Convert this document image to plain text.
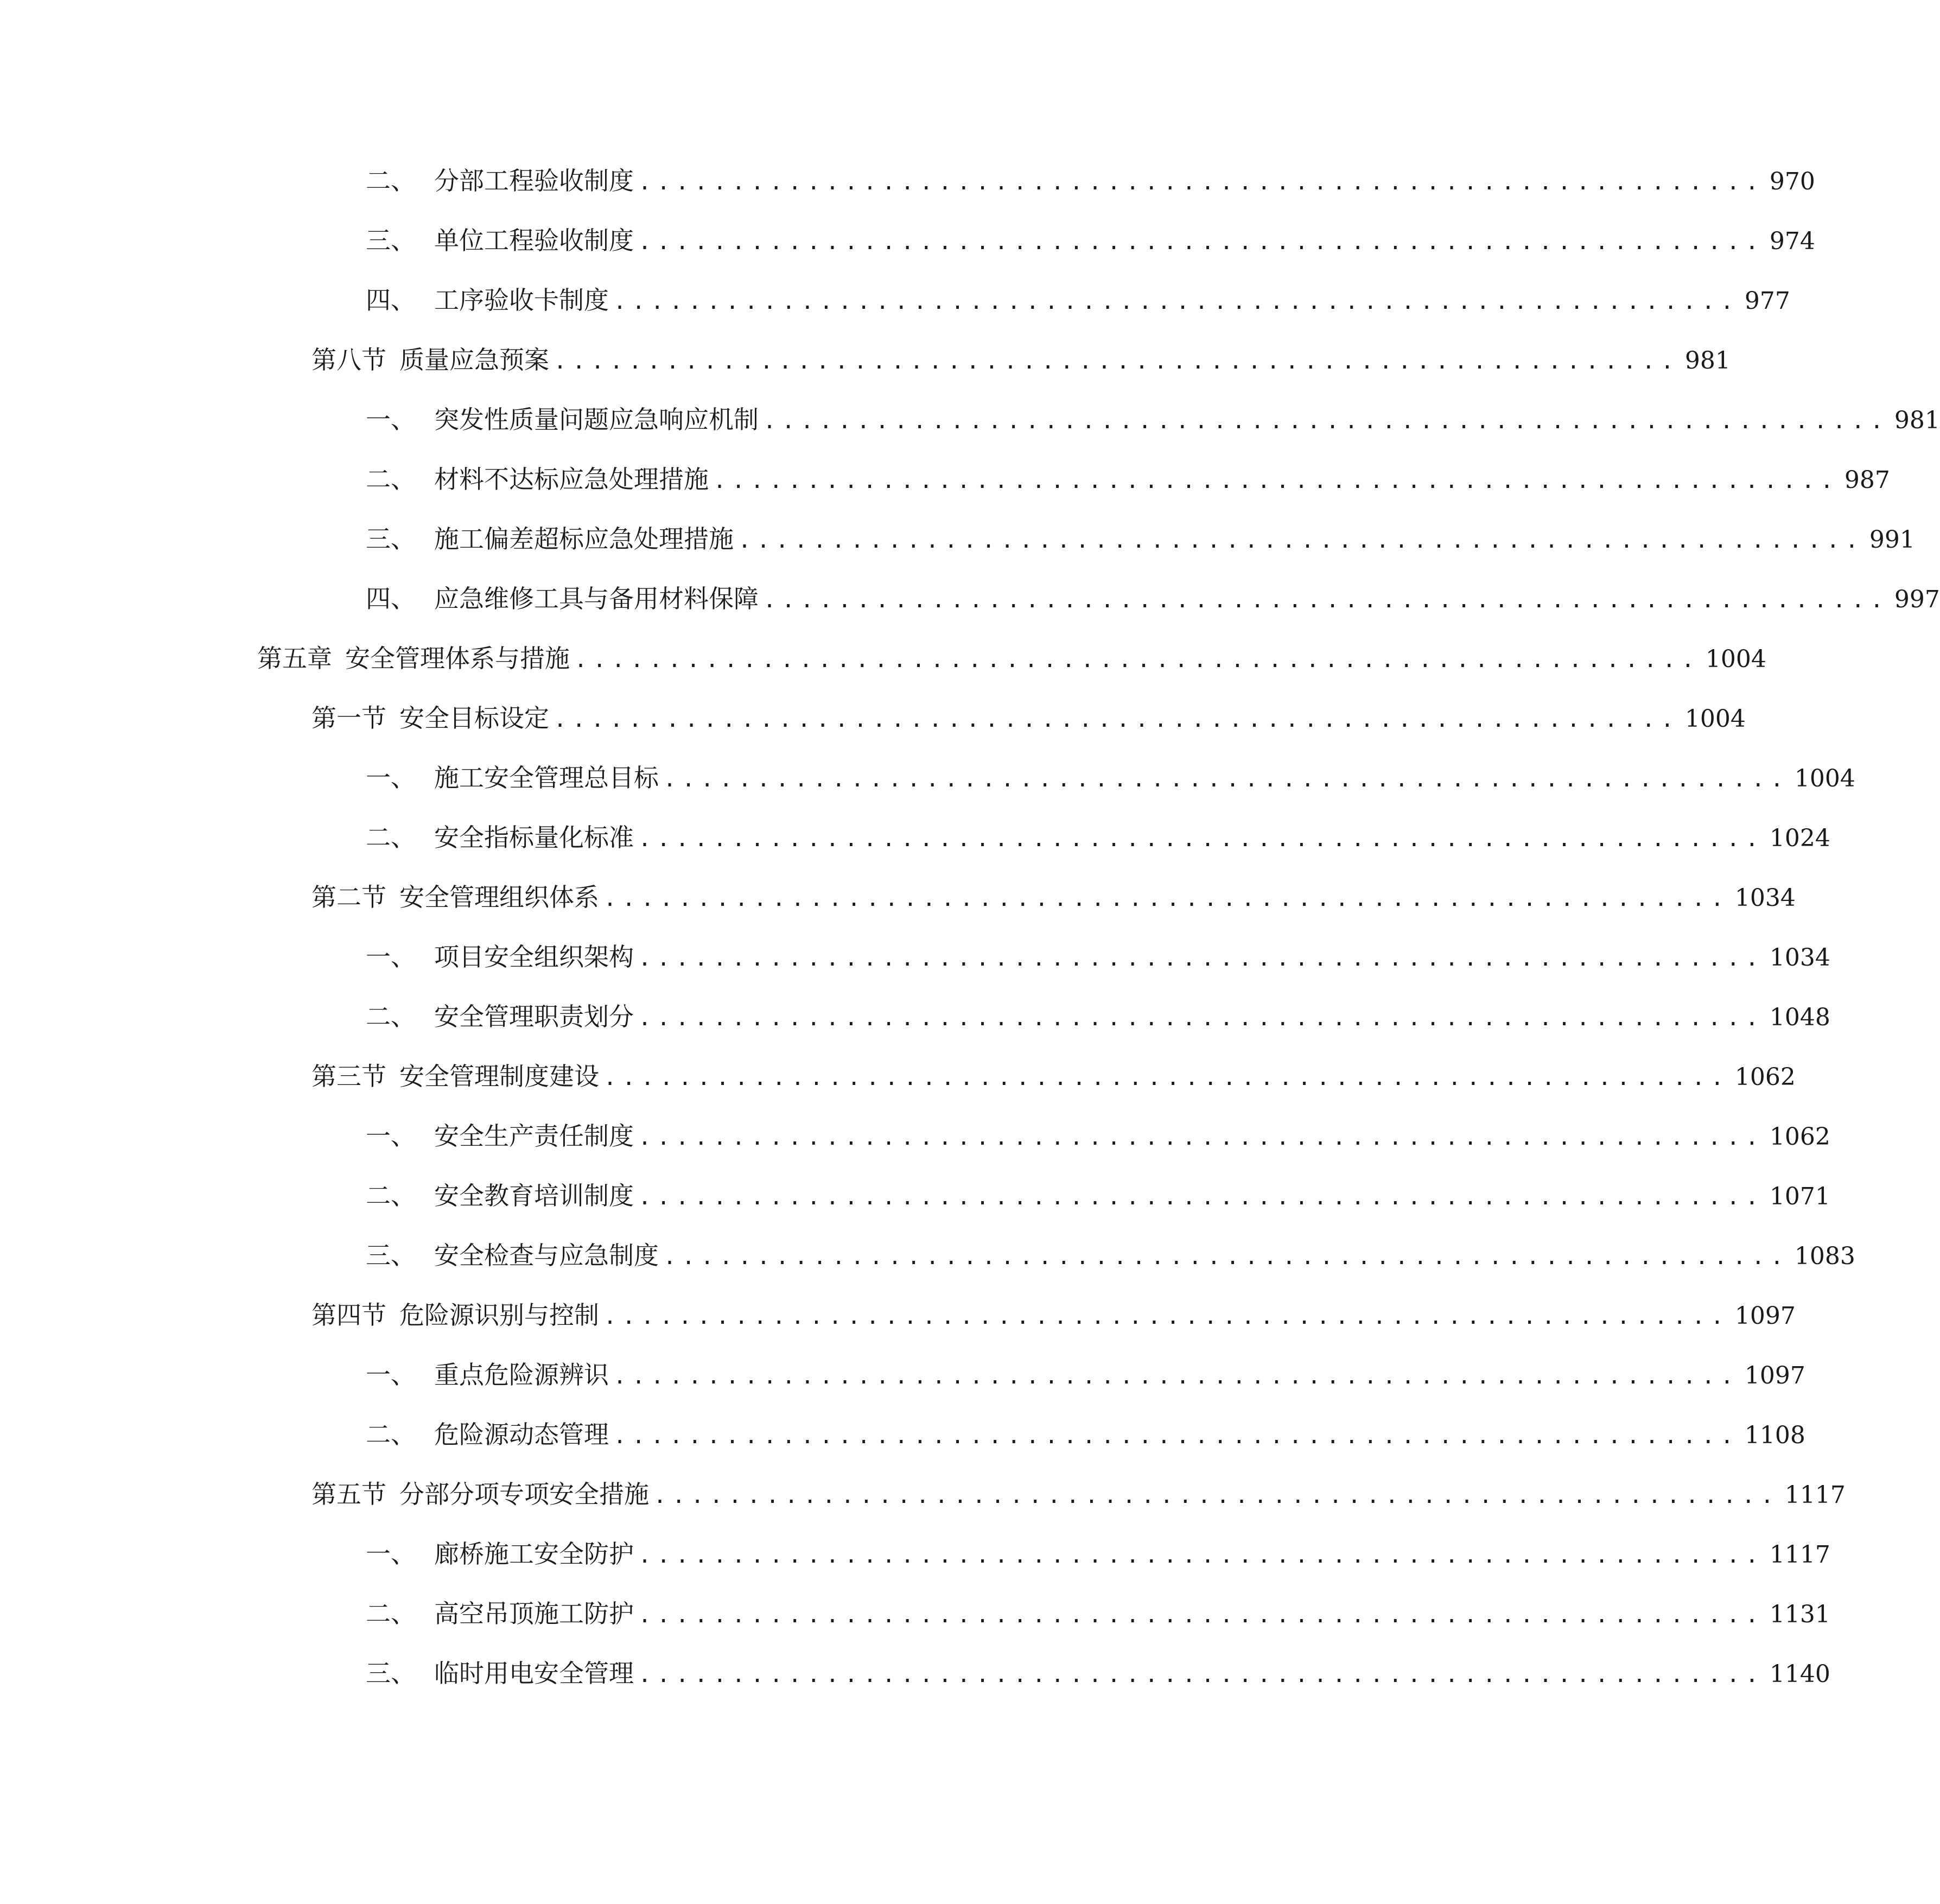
二、 分部工程验收制度 ............................................................ 970
三、 单位工程验收制度 ............................................................ 974
四、 工序验收卡制度 ............................................................ 977
第八节 质量应急预案 ............................................................ 981
一、 突发性质量问题应急响应机制 ............................................................ 981
二、 材料不达标应急处理措施 ............................................................ 987
三、 施工偏差超标应急处理措施 ............................................................ 991
四、 应急维修工具与备用材料保障 ............................................................ 997
第五章 安全管理体系与措施 ............................................................ 1004
第一节 安全目标设定 ............................................................ 1004
一、 施工安全管理总目标 ............................................................ 1004
二、 安全指标量化标准 ............................................................ 1024
第二节 安全管理组织体系 ............................................................ 1034
一、 项目安全组织架构 ............................................................ 1034
二、 安全管理职责划分 ............................................................ 1048
第三节 安全管理制度建设 ............................................................ 1062
一、 安全生产责任制度 ............................................................ 1062
二、 安全教育培训制度 ............................................................ 1071
三、 安全检查与应急制度 ............................................................ 1083
第四节 危险源识别与控制 ............................................................ 1097
一、 重点危险源辨识 ............................................................ 1097
二、 危险源动态管理 ............................................................ 1108
第五节 分部分项专项安全措施 ............................................................ 1117
一、 廊桥施工安全防护 ............................................................ 1117
二、 高空吊顶施工防护 ............................................................ 1131
三、 临时用电安全管理 ............................................................ 1140
